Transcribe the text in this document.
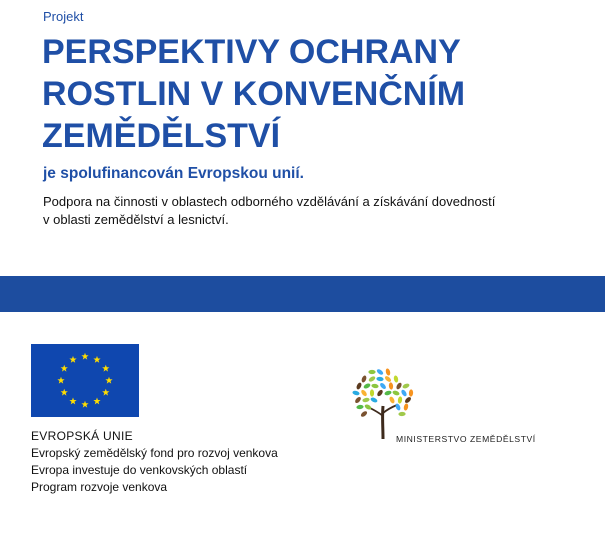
Projekt
PERSPEKTIVY OCHRANY
ROSTLIN V KONVENČNÍM
ZEMĚDĚLSTVÍ
je spolufinancován Evropskou unií.
Podpora na činnosti v oblastech odborného vzdělávání a získávání dovedností
v oblasti zemědělství a lesnictví.
EVROPSKÁ UNIE
Evropský zemědělský fond pro rozvoj venkova
Evropa investuje do venkovských oblastí
Program rozvoje venkova
MINISTERSTVO ZEMĚDĚLSTVÍ
